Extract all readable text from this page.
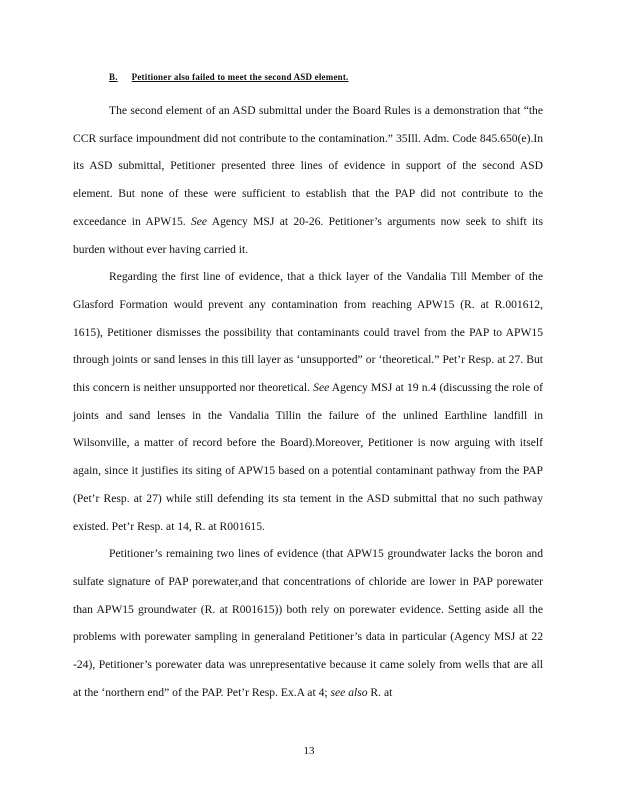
B. Petitioner also failed to meet the second ASD element.

The second element of an ASD submittal under the Board Rules is a demonstration that “the CCR surface impoundment did not contribute to the contamination.” 35Ill. Adm. Code 845.650(e).In its ASD submittal, Petitioner presented three lines of evidence in support of the second ASD element. But none of these were sufficient to establish that the PAP did not contribute to the exceedance in APW15. See Agency MSJ at 20-26. Petitioner’s arguments now seek to shift its burden without ever having carried it.

Regarding the first line of evidence, that a thick layer of the Vandalia Till Member of the Glasford Formation would prevent any contamination from reaching APW15 (R. at R.001612, 1615), Petitioner dismisses the possibility that contaminants could travel from the PAP to APW15 through joints or sand lenses in this till layer as ‘unsupported” or ‘theoretical.” Pet’r Resp. at 27. But this concern is neither unsupported nor theoretical. See Agency MSJ at 19 n.4 (discussing the role of joints and sand lenses in the Vandalia Tillin the failure of the unlined Earthline landfill in Wilsonville, a matter of record before the Board).Moreover, Petitioner is now arguing with itself again, since it justifies its siting of APW15 based on a potential contaminant pathway from the PAP (Pet’r Resp. at 27) while still defending its sta tement in the ASD submittal that no such pathway existed. Pet’r Resp. at 14, R. at R001615.

Petitioner’s remaining two lines of evidence (that APW15 groundwater lacks the boron and sulfate signature of PAP porewater,and that concentrations of chloride are lower in PAP porewater than APW15 groundwater (R. at R001615)) both rely on porewater evidence. Setting aside all the problems with porewater sampling in generaland Petitioner’s data in particular (Agency MSJ at 22 -24), Petitioner’s porewater data was unrepresentative because it came solely from wells that are all at the ‘northern end” of the PAP. Pet’r Resp. Ex.A at 4; see also R. at

13
